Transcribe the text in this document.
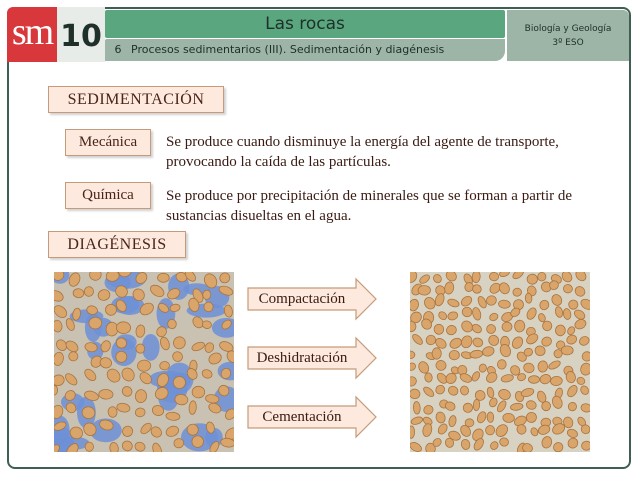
sm 10	Las rocas
6 Procesos sedimentarios (III). Sedimentación y diagénesis
Biología y Geología
3º ESO
SEDIMENTACIÓN
Mecánica	Se produce cuando disminuye la energía del agente de transporte,
provocando la caída de las partículas.
Química	Se produce por precipitación de minerales que se forman a partir de
sustancias disueltas en el agua.
DIAGÉNESIS
Compactación
Deshidratación
Cementación
